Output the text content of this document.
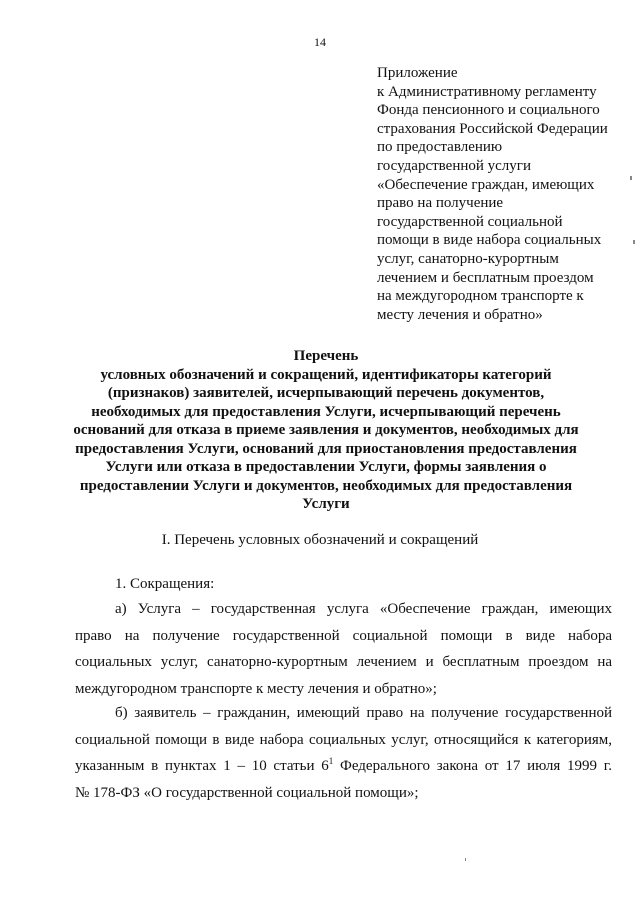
14
Приложение
к Административному регламенту
Фонда пенсионного и социального
страхования Российской Федерации
по предоставлению
государственной услуги
«Обеспечение граждан, имеющих
право на получение
государственной социальной
помощи в виде набора социальных
услуг, санаторно-курортным
лечением и бесплатным проездом
на междугородном транспорте к
месту лечения и обратно»
Перечень
условных обозначений и сокращений, идентификаторы категорий
(признаков) заявителей, исчерпывающий перечень документов,
необходимых для предоставления Услуги, исчерпывающий перечень
оснований для отказа в приеме заявления и документов, необходимых для
предоставления Услуги, оснований для приостановления предоставления
Услуги или отказа в предоставлении Услуги, формы заявления о
предоставлении Услуги и документов, необходимых для предоставления
Услуги
I. Перечень условных обозначений и сокращений
1. Сокращения:
а) Услуга – государственная услуга «Обеспечение граждан, имеющих
право на получение государственной социальной помощи в виде набора
социальных услуг, санаторно-курортным лечением и бесплатным проездом на
междугородном транспорте к месту лечения и обратно»;
б) заявитель – гражданин, имеющий право на получение государственной
социальной помощи в виде набора социальных услуг, относящийся к категориям,
указанным в пунктах 1 – 10 статьи $6^1$ Федерального закона от 17 июля 1999 г.
№ 178-ФЗ «О государственной социальной помощи»;
